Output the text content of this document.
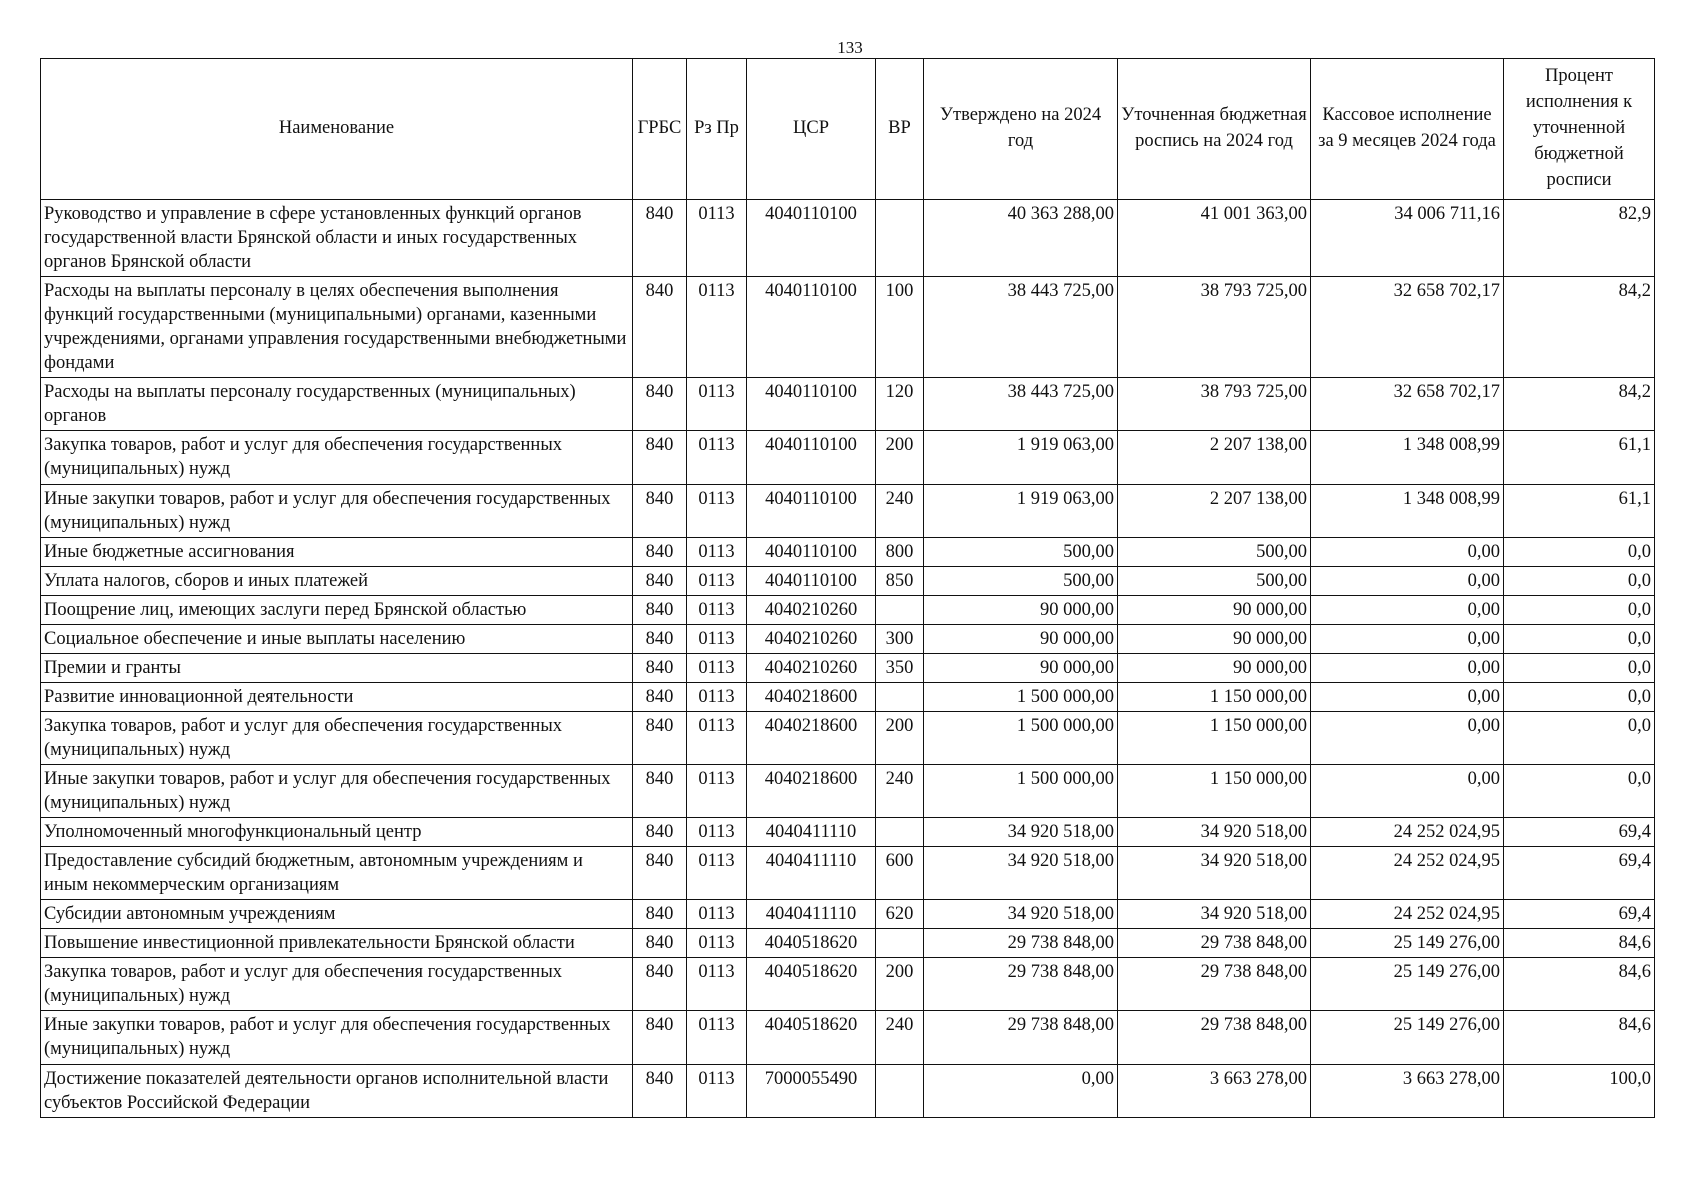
133
Наименование	ГРБС	Рз Пр	ЦСР	ВР	Утверждено на 2024 год	Уточненная бюджетная роспись на 2024 год	Кассовое исполнение за 9 месяцев 2024 года	Процент исполнения к уточненной бюджетной росписи
Руководство и управление в сфере установленных функций органов государственной власти Брянской области и иных государственных органов Брянской области	840	0113	4040110100		40 363 288,00	41 001 363,00	34 006 711,16	82,9
Расходы на выплаты персоналу в целях обеспечения выполнения функций государственными (муниципальными) органами, казенными учреждениями, органами управления государственными внебюджетными фондами	840	0113	4040110100	100	38 443 725,00	38 793 725,00	32 658 702,17	84,2
Расходы на выплаты персоналу государственных (муниципальных) органов	840	0113	4040110100	120	38 443 725,00	38 793 725,00	32 658 702,17	84,2
Закупка товаров, работ и услуг для обеспечения государственных (муниципальных) нужд	840	0113	4040110100	200	1 919 063,00	2 207 138,00	1 348 008,99	61,1
Иные закупки товаров, работ и услуг для обеспечения государственных (муниципальных) нужд	840	0113	4040110100	240	1 919 063,00	2 207 138,00	1 348 008,99	61,1
Иные бюджетные ассигнования	840	0113	4040110100	800	500,00	500,00	0,00	0,0
Уплата налогов, сборов и иных платежей	840	0113	4040110100	850	500,00	500,00	0,00	0,0
Поощрение лиц, имеющих заслуги перед Брянской областью	840	0113	4040210260		90 000,00	90 000,00	0,00	0,0
Социальное обеспечение и иные выплаты населению	840	0113	4040210260	300	90 000,00	90 000,00	0,00	0,0
Премии и гранты	840	0113	4040210260	350	90 000,00	90 000,00	0,00	0,0
Развитие инновационной деятельности	840	0113	4040218600		1 500 000,00	1 150 000,00	0,00	0,0
Закупка товаров, работ и услуг для обеспечения государственных (муниципальных) нужд	840	0113	4040218600	200	1 500 000,00	1 150 000,00	0,00	0,0
Иные закупки товаров, работ и услуг для обеспечения государственных (муниципальных) нужд	840	0113	4040218600	240	1 500 000,00	1 150 000,00	0,00	0,0
Уполномоченный многофункциональный центр	840	0113	4040411110		34 920 518,00	34 920 518,00	24 252 024,95	69,4
Предоставление субсидий бюджетным, автономным учреждениям и иным некоммерческим организациям	840	0113	4040411110	600	34 920 518,00	34 920 518,00	24 252 024,95	69,4
Субсидии автономным учреждениям	840	0113	4040411110	620	34 920 518,00	34 920 518,00	24 252 024,95	69,4
Повышение инвестиционной привлекательности Брянской области	840	0113	4040518620		29 738 848,00	29 738 848,00	25 149 276,00	84,6
Закупка товаров, работ и услуг для обеспечения государственных (муниципальных) нужд	840	0113	4040518620	200	29 738 848,00	29 738 848,00	25 149 276,00	84,6
Иные закупки товаров, работ и услуг для обеспечения государственных (муниципальных) нужд	840	0113	4040518620	240	29 738 848,00	29 738 848,00	25 149 276,00	84,6
Достижение показателей деятельности органов исполнительной власти субъектов Российской Федерации	840	0113	7000055490		0,00	3 663 278,00	3 663 278,00	100,0
